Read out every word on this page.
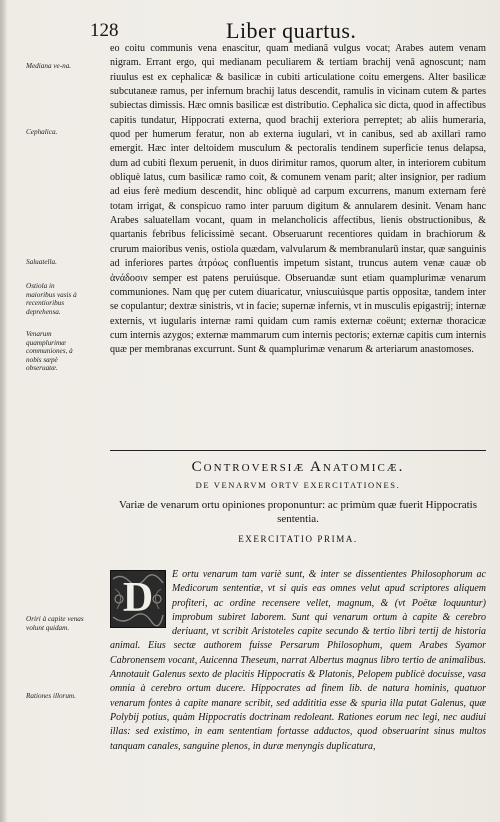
128	Liber quartus.
Mediana ve-na.
Cephalica.
Saluatella.
Ostiola in maioribus vasis à recentioribus deprehensa.
Venarum quamplurimæ communiones, à nobis sæpè obseruatæ.
Oriri à capite venas volunt quidam.
Rationes illorum.

eo coitu communis vena enascitur, quam medianā vulgus vocat; Arabes autem venam nigram. Errant ergo, qui medianam peculiarem & tertiam brachij venā agnoscunt; nam riuulus est ex cephalicæ & basilicæ in cubiti articulatione coitu emergens. Alter basilicæ subcutaneæ ramus, per infernum brachij latus descendit, ramulis in vicinam cutem & partes subiectas dimissis. Hæc omnis basilicæ est distributio. Cephalica sic dicta, quod in affectibus capitis tundatur, Hippocrati externa, quod brachij exteriora perreptet; ab aliis humeraria, quod per humerum feratur, non ab externa iugulari, vt in canibus, sed ab axillari ramo emergit. Hæc inter deltoidem musculum & pectoralis tendinem superficie tenus delapsa, dum ad cubiti flexum peruenit, in duos dirimitur ramos, quorum alter, in interiorem cubitum obliquè latus, cum basilicæ ramo coit, & comunem venam parit; alter insignior, per radium ad eius ferè medium descendit, hinc obliquè ad carpum excurrens, manum externam ferè totam irrigat, & conspicuo ramo inter paruum digitum & annularem desinit. Venam hanc Arabes saluatellam vocant, quam in melancholicis affectibus, lienis obstructionibus, & quartanis febribus felicissimè secant. Obseruarunt recentiores quidam in brachiorum & crurum maioribus venis, ostiola quædam, valvularum & membranularū instar, quæ sanguinis ad inferiores partes ἀτρόως confluentis impetum sistant, truncus autem venæ cauæ ob ἀνάδοσιν semper est patens peruiúsque. Obseruandæ sunt etiam quamplurimæ venarum communiones. Nam quę per cutem diuaricatur, vniuscuiúsque partis oppositæ, tandem inter se copulantur; dextræ sinistris, vt in facie; supernæ infernis, vt in musculis epigastrij; internæ externis, vt iugularis internæ rami quidam cum ramis externæ coëunt; externæ thoracicæ cum internis azygos; externæ mammarum cum internis pectoris; externæ capitis cum internis quæ per membranas excurrunt. Sunt & quamplurimæ venarum & arteriarum anastomoses.

Controversiæ Anatomicæ.
DE VENARVM ORTV EXERCITATIONES.
Variæ de venarum ortu opiniones proponuntur: ac primùm quæ fuerit Hippocratis sententia.
EXERCITATIO PRIMA.
D
E ortu venarum tam variè sunt, & inter se dissentientes Philosophorum ac Medicorum sententiæ, vt si quis eas omnes velut apud scriptores aliquem profiteri, ac ordine recensere vellet, magnum, & (vt Poëtæ loquuntur) improbum subiret laborem. Sunt qui venarum ortum à capite & cerebro deriuant, vt scribit Aristoteles capite secundo & tertio libri tertij de historia animal. Eius sectæ authorem fuisse Persarum Philosophum, quem Arabes Syamor Cabronensem vocant, Auicenna Theseum, narrat Albertus magnus libro tertio de animalibus. Annotauit Galenus sexto de placitis Hippocratis & Platonis, Pelopem publicè docuisse, vasa omnia à cerebro ortum ducere. Hippocrates ad finem lib. de natura hominis, quatuor venarum fontes à capite manare scribit, sed addititia esse & spuria illa putat Galenus, quæ Polybij potius, quàm Hippocratis doctrinam redoleant. Rationes eorum nec legi, nec audiui illas: sed existimo, in eam sententiam fortasse adductos, quod obseruarint sinus multos tanquam canales, sanguine plenos, in duræ menyngis duplicatura,
